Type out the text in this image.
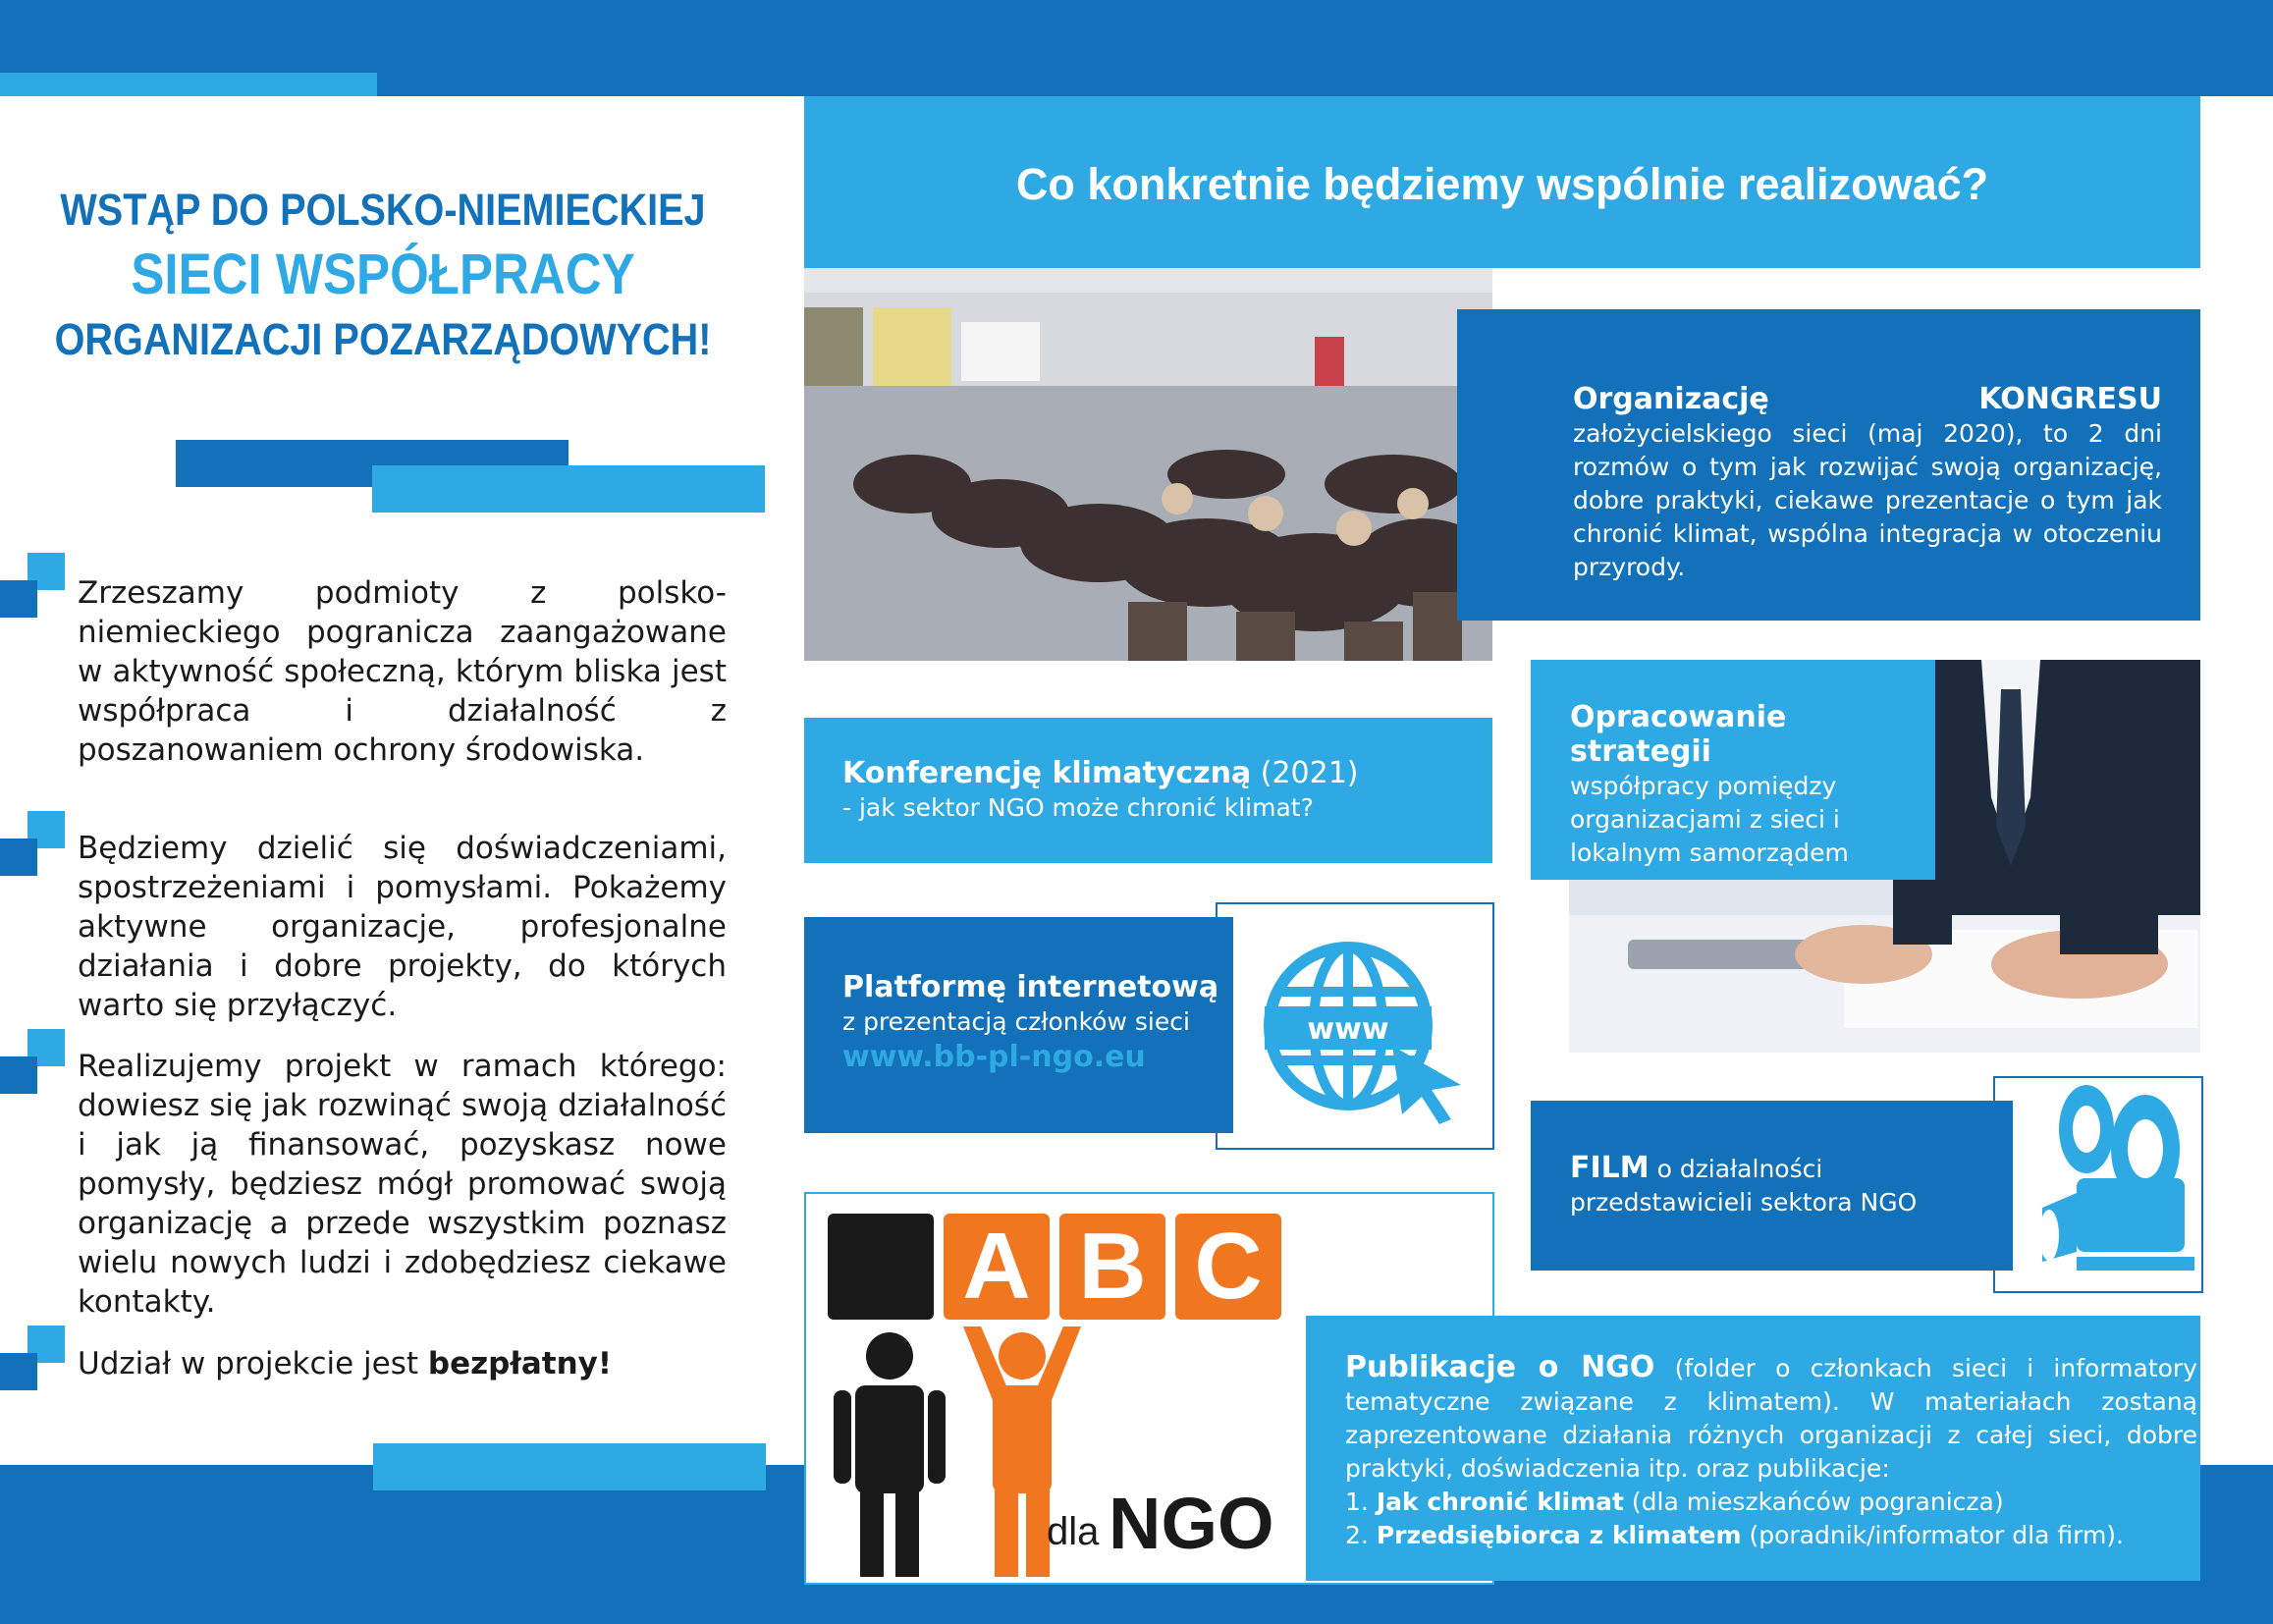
WSTĄP DO POLSKO-NIEMIECKIEJ
SIECI WSPÓŁPRACY
ORGANIZACJI POZARZĄDOWYCH!

Zrzeszamy podmioty z polsko-niemieckiego pogranicza zaangażowane w aktywność społeczną, którym bliska jest współpraca i działalność z poszanowaniem ochrony środowiska.

Będziemy dzielić się doświadczeniami, spostrzeżeniami i pomysłami. Pokażemy aktywne organizacje, profesjonalne działania i dobre projekty, do których warto się przyłączyć.

Realizujemy projekt w ramach którego: dowiesz się jak rozwinąć swoją działalność i jak ją finansować, pozyskasz nowe pomysły, będziesz mógł promować swoją organizację a przede wszystkim poznasz wielu nowych ludzi i zdobędziesz ciekawe kontakty.

Udział w projekcie jest bezpłatny!

Co konkretnie będziemy wspólnie realizować?
Organizację KONGRESU założycielskiego sieci (maj 2020), to 2 dni rozmów o tym jak rozwijać swoją organizację, dobre praktyki, ciekawe prezentacje o tym jak chronić klimat, wspólna integracja w otoczeniu przyrody.
Konferencję klimatyczną (2021)
- jak sektor NGO może chronić klimat?
Opracowanie strategii
współpracy pomiędzy organizacjami z sieci i lokalnym samorządem
Platformę internetową
z prezentacją członków sieci
www.bb-pl-ngo.eu
www
FILM o działalności przedstawicieli sektora NGO
A B C
dla NGO
Publikacje o NGO (folder o członkach sieci i informatory tematyczne związane z klimatem). W materiałach zostaną zaprezentowane działania różnych organizacji z całej sieci, dobre praktyki, doświadczenia itp. oraz publikacje:
1. Jak chronić klimat (dla mieszkańców pogranicza)
2. Przedsiębiorca z klimatem (poradnik/informator dla firm).
